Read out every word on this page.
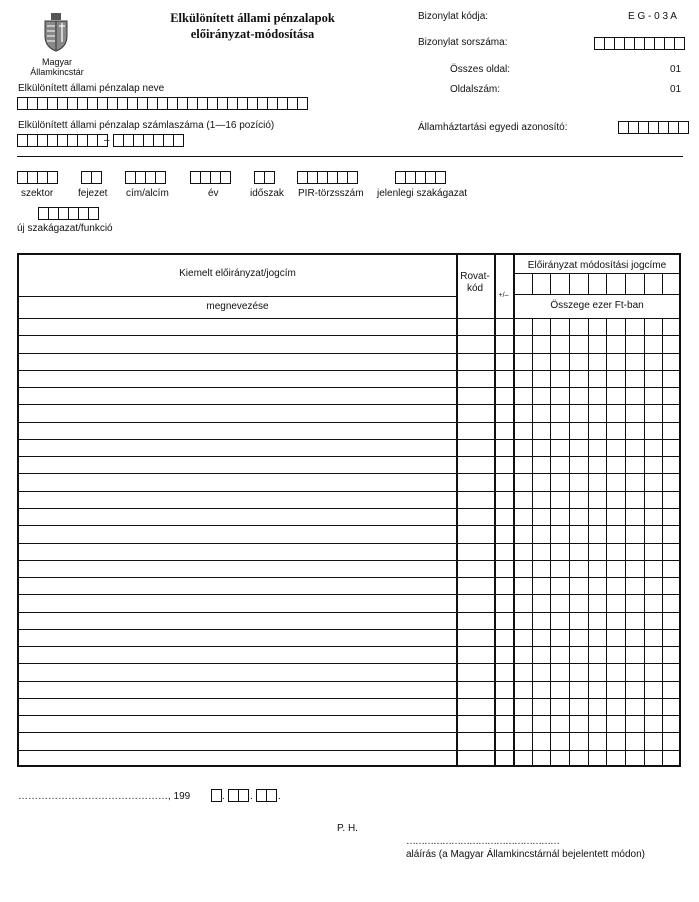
Magyar
Államkincstár
Elkülönített állami pénzalapok
előirányzat-módosítása
Bizonylat kódja:	E G - 0 3 A
Bizonylat sorszáma:
Összes oldal:	01
Oldalszám:	01
Államháztartási egyedi azonosító:
Elkülönített állami pénzalap neve
Elkülönített állami pénzalap számlaszáma (1—16 pozíció)
–
szektor fejezet cím/alcím	év	időszak PIR-törzsszám jelenlegi szakágazat
új szakágazat/funkció
Kiemelt előirányzat/jogcím
megnevezése
Rovat-
kód
+/–
Előirányzat módosítási jogcíme
Összege ezer Ft-ban
………………………………………, 199	.	.	.
P. H.
……………………………………………
aláírás (a Magyar Államkincstárnál bejelentett módon)
